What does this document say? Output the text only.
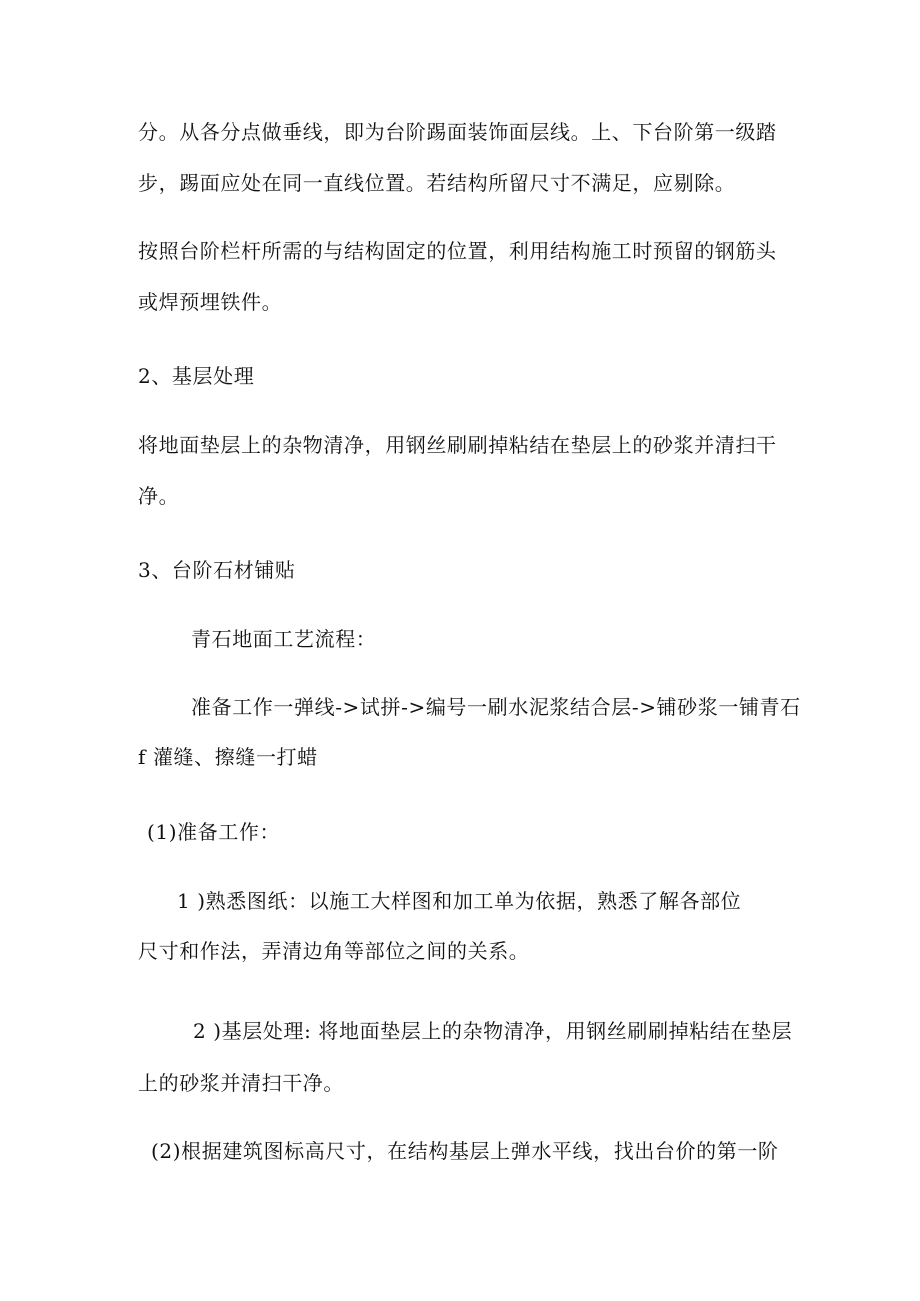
分。从各分点做垂线，即为台阶踢面装饰面层线。上、下台阶第一级踏
步，踢面应处在同一直线位置。若结构所留尺寸不满足，应剔除。
按照台阶栏杆所需的与结构固定的位置，利用结构施工时预留的钢筋头
或焊预埋铁件。
2、基层处理
将地面垫层上的杂物清净，用钢丝刷刷掉粘结在垫层上的砂浆并清扫干
净。
3、台阶石材铺贴
青石地面工艺流程：
准备工作一弹线->试拼->编号一刷水泥浆结合层->铺砂浆一铺青石
f 灌缝、擦缝一打蜡
(1)准备工作：
1 )熟悉图纸：以施工大样图和加工单为依据，熟悉了解各部位
尺寸和作法，弄清边角等部位之间的关系。
2 )基层处理: 将地面垫层上的杂物清净，用钢丝刷刷掉粘结在垫层
上的砂浆并清扫干净。
(2)根据建筑图标高尺寸，在结构基层上弹水平线，找出台价的第一阶
